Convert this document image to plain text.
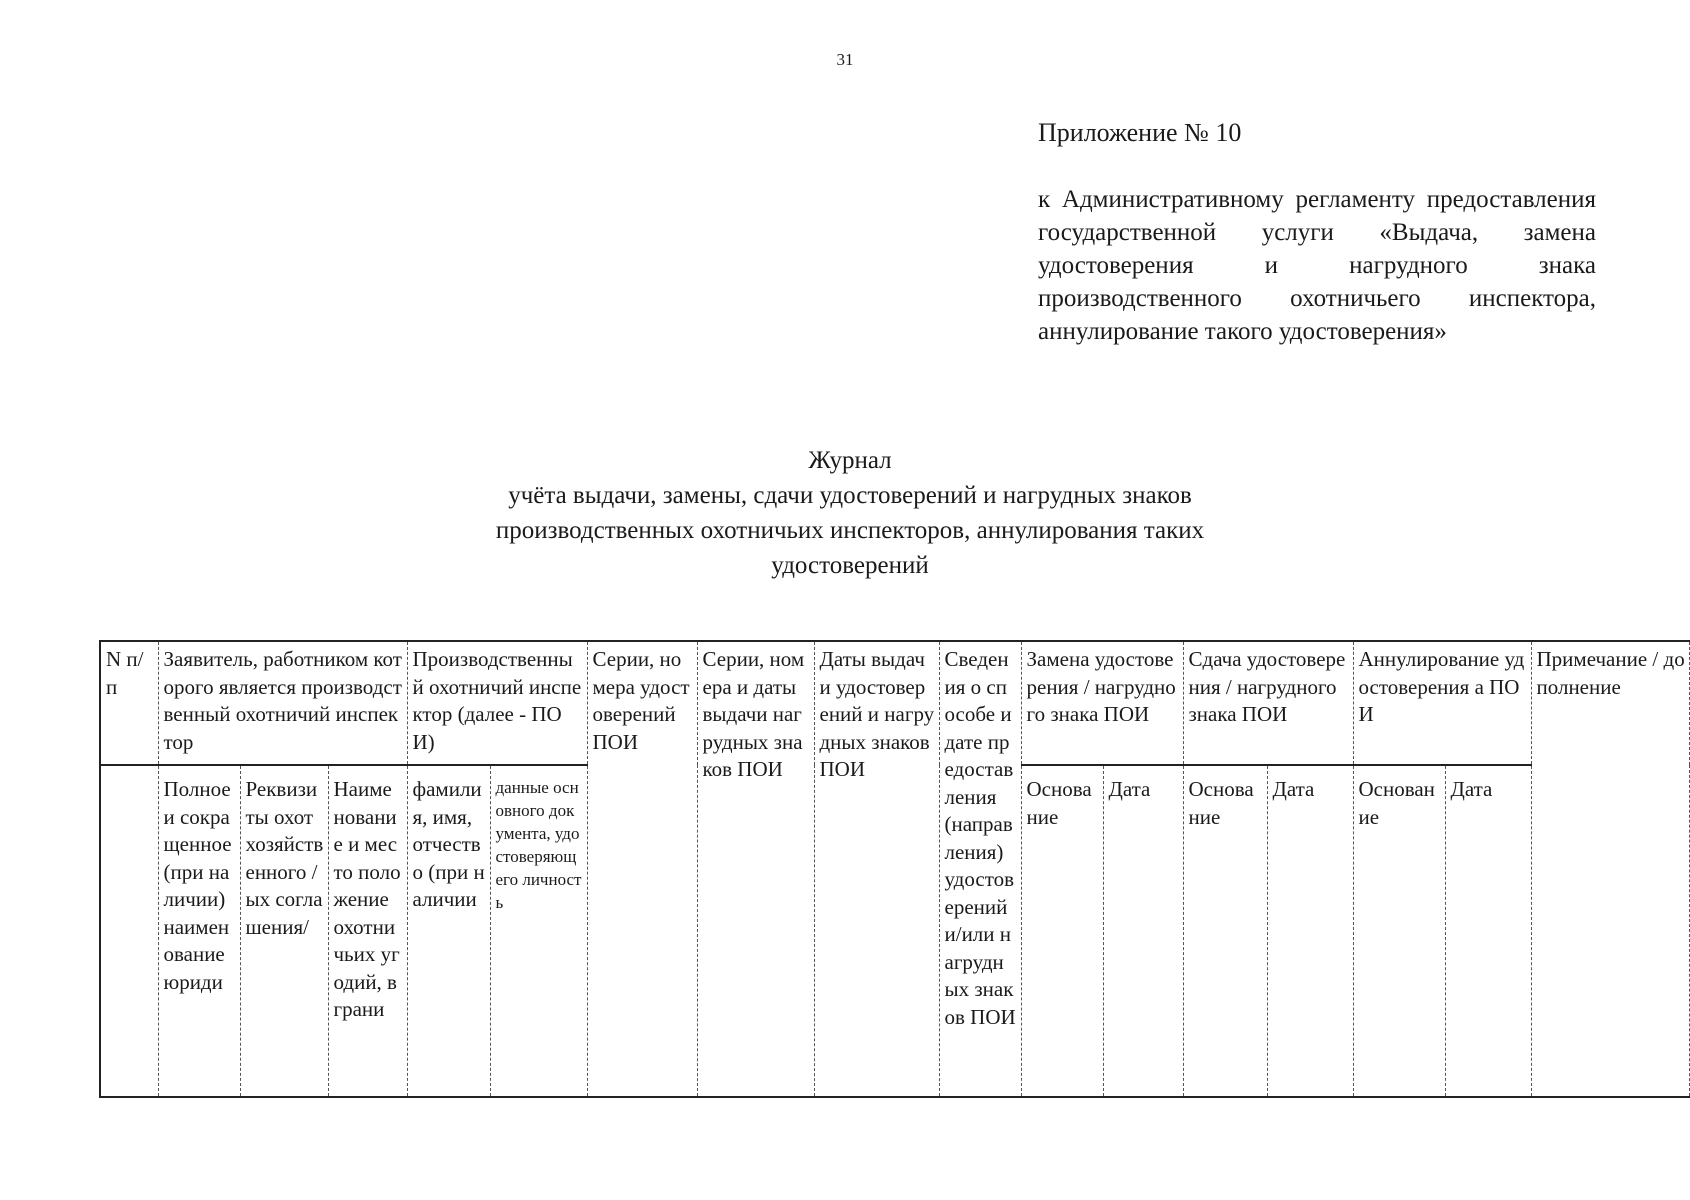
31
Приложение № 10
к Административному регламенту предоставления государственной услуги «Выдача, замена удостоверения и нагрудного знака производственного охотничьего инспектора, аннулирование такого удостоверения»
Журнал
учёта выдачи, замены, сдачи удостоверений и нагрудных знаков производственных охотничьих инспекторов, аннулирования таких удостоверений
N п/п	Заявитель, работником которого является производственный охотничий инспектор			Производственный охотничий инспектор (далее - ПОИ)		Серии, номера удостоверений ПОИ	Серии, номера и даты выдачи нагрудных знаков ПОИ	Даты выдачи удостоверений и нагрудных знаков ПОИ	Сведения о способе и дате предоставления (направления) удостоверений и/или нагрудных знаков ПОИ	Замена удостоверения / нагрудного знака ПОИ		Сдача удостоверения / нагрудного знака ПОИ		Аннулирование удостоверения а ПОИ		Примечание / дополнение
	Полное и сокращенное (при наличии) наименование юриди	Реквизиты охотхозяйственного /ых соглашения/	Наименование и место положение охотничьих угодий, в грани	фамилия, имя, отчество (при наличии	данные основного документа, удостоверяющего личность					Основание	Дата	Основание	Дата	Основание	Дата	
